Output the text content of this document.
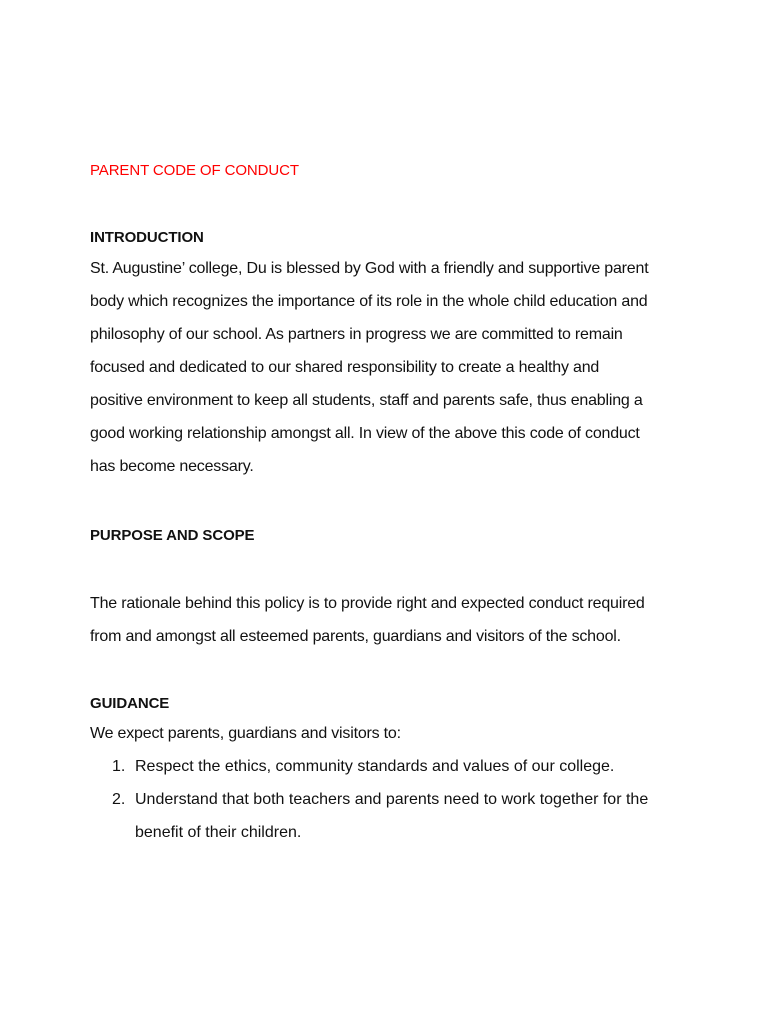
PARENT CODE OF CONDUCT

INTRODUCTION

St. Augustine’ college, Du is blessed by God with a friendly and supportive parent
body which recognizes the importance of its role in the whole child education and
philosophy of our school. As partners in progress we are committed to remain
focused and dedicated to our shared responsibility to create a healthy and
positive environment to keep all students, staff and parents safe, thus enabling a
good working relationship amongst all. In view of the above this code of conduct
has become necessary.

PURPOSE AND SCOPE

The rationale behind this policy is to provide right and expected conduct required
from and amongst all esteemed parents, guardians and visitors of the school.

GUIDANCE

We expect parents, guardians and visitors to:

1. Respect the ethics, community standards and values of our college.
2. Understand that both teachers and parents need to work together for the
benefit of their children.
